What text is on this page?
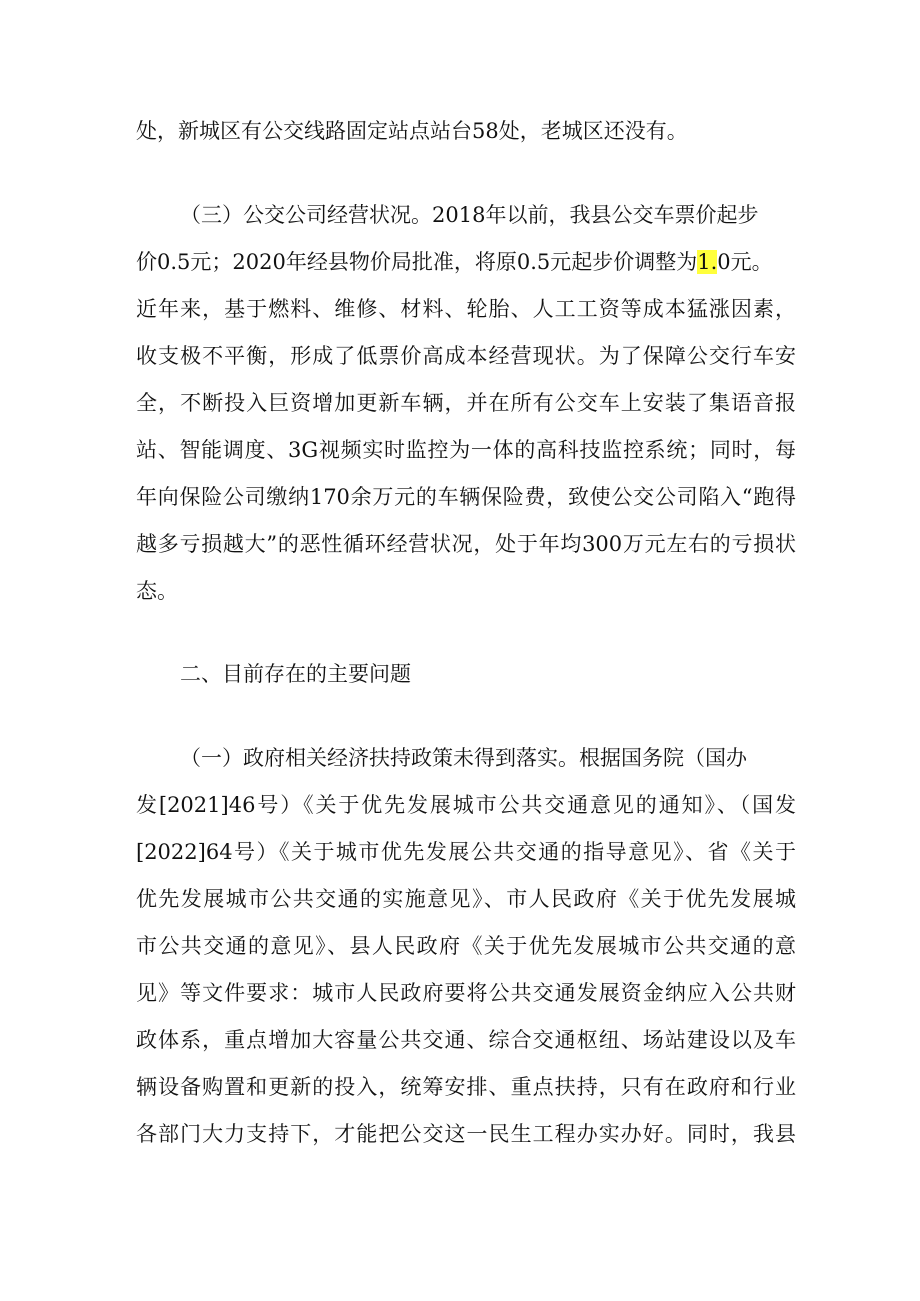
处，新城区有公交线路固定站点站台58处，老城区还没有。
（三）公交公司经营状况。2018年以前，我县公交车票价起步
价0.5元；2020年经县物价局批准，将原0.5元起步价调整为1.0元。
近年来，基于燃料、维修、材料、轮胎、人工工资等成本猛涨因素，
收支极不平衡，形成了低票价高成本经营现状。为了保障公交行车安
全，不断投入巨资增加更新车辆，并在所有公交车上安装了集语音报
站、智能调度、3G视频实时监控为一体的高科技监控系统；同时，每
年向保险公司缴纳170余万元的车辆保险费，致使公交公司陷入“跑得
越多亏损越大”的恶性循环经营状况，处于年均300万元左右的亏损状
态。
二、目前存在的主要问题
（一）政府相关经济扶持政策未得到落实。根据国务院（国办
发[2021]46号）《关于优先发展城市公共交通意见的通知》、（国发
[2022]64号）《关于城市优先发展公共交通的指导意见》、省《关于
优先发展城市公共交通的实施意见》、市人民政府《关于优先发展城
市公共交通的意见》、县人民政府《关于优先发展城市公共交通的意
见》等文件要求：城市人民政府要将公共交通发展资金纳应入公共财
政体系，重点增加大容量公共交通、综合交通枢纽、场站建设以及车
辆设备购置和更新的投入，统筹安排、重点扶持，只有在政府和行业
各部门大力支持下，才能把公交这一民生工程办实办好。同时，我县
